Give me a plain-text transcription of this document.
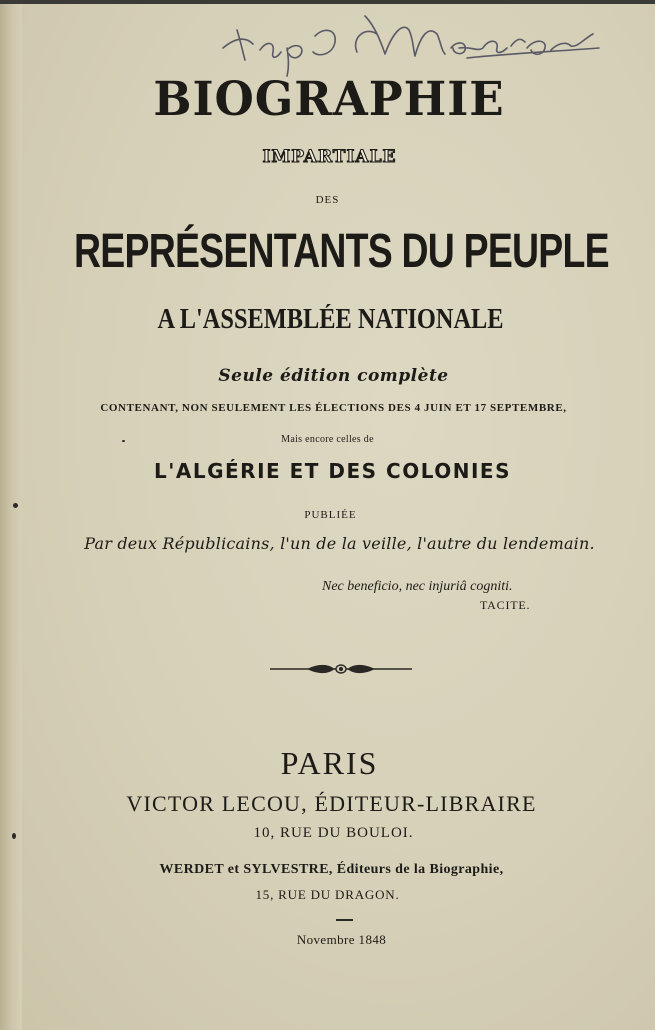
Nap Mearon
BIOGRAPHIE
IMPARTIALE
DES
REPRÉSENTANTS DU PEUPLE
A L'ASSEMBLÉE NATIONALE
Seule édition complète
CONTENANT, NON SEULEMENT LES ÉLECTIONS DES 4 JUIN ET 17 SEPTEMBRE,
Mais encore celles de
L'ALGÉRIE ET DES COLONIES
PUBLIÉE
Par deux Républicains, l'un de la veille, l'autre du lendemain.
Nec beneficio, nec injuriâ cogniti.
TACITE.
PARIS
VICTOR LECOU, ÉDITEUR-LIBRAIRE
10, RUE DU BOULOI.
WERDET et SYLVESTRE, Éditeurs de la Biographie,
15, RUE DU DRAGON.
Novembre 1848
